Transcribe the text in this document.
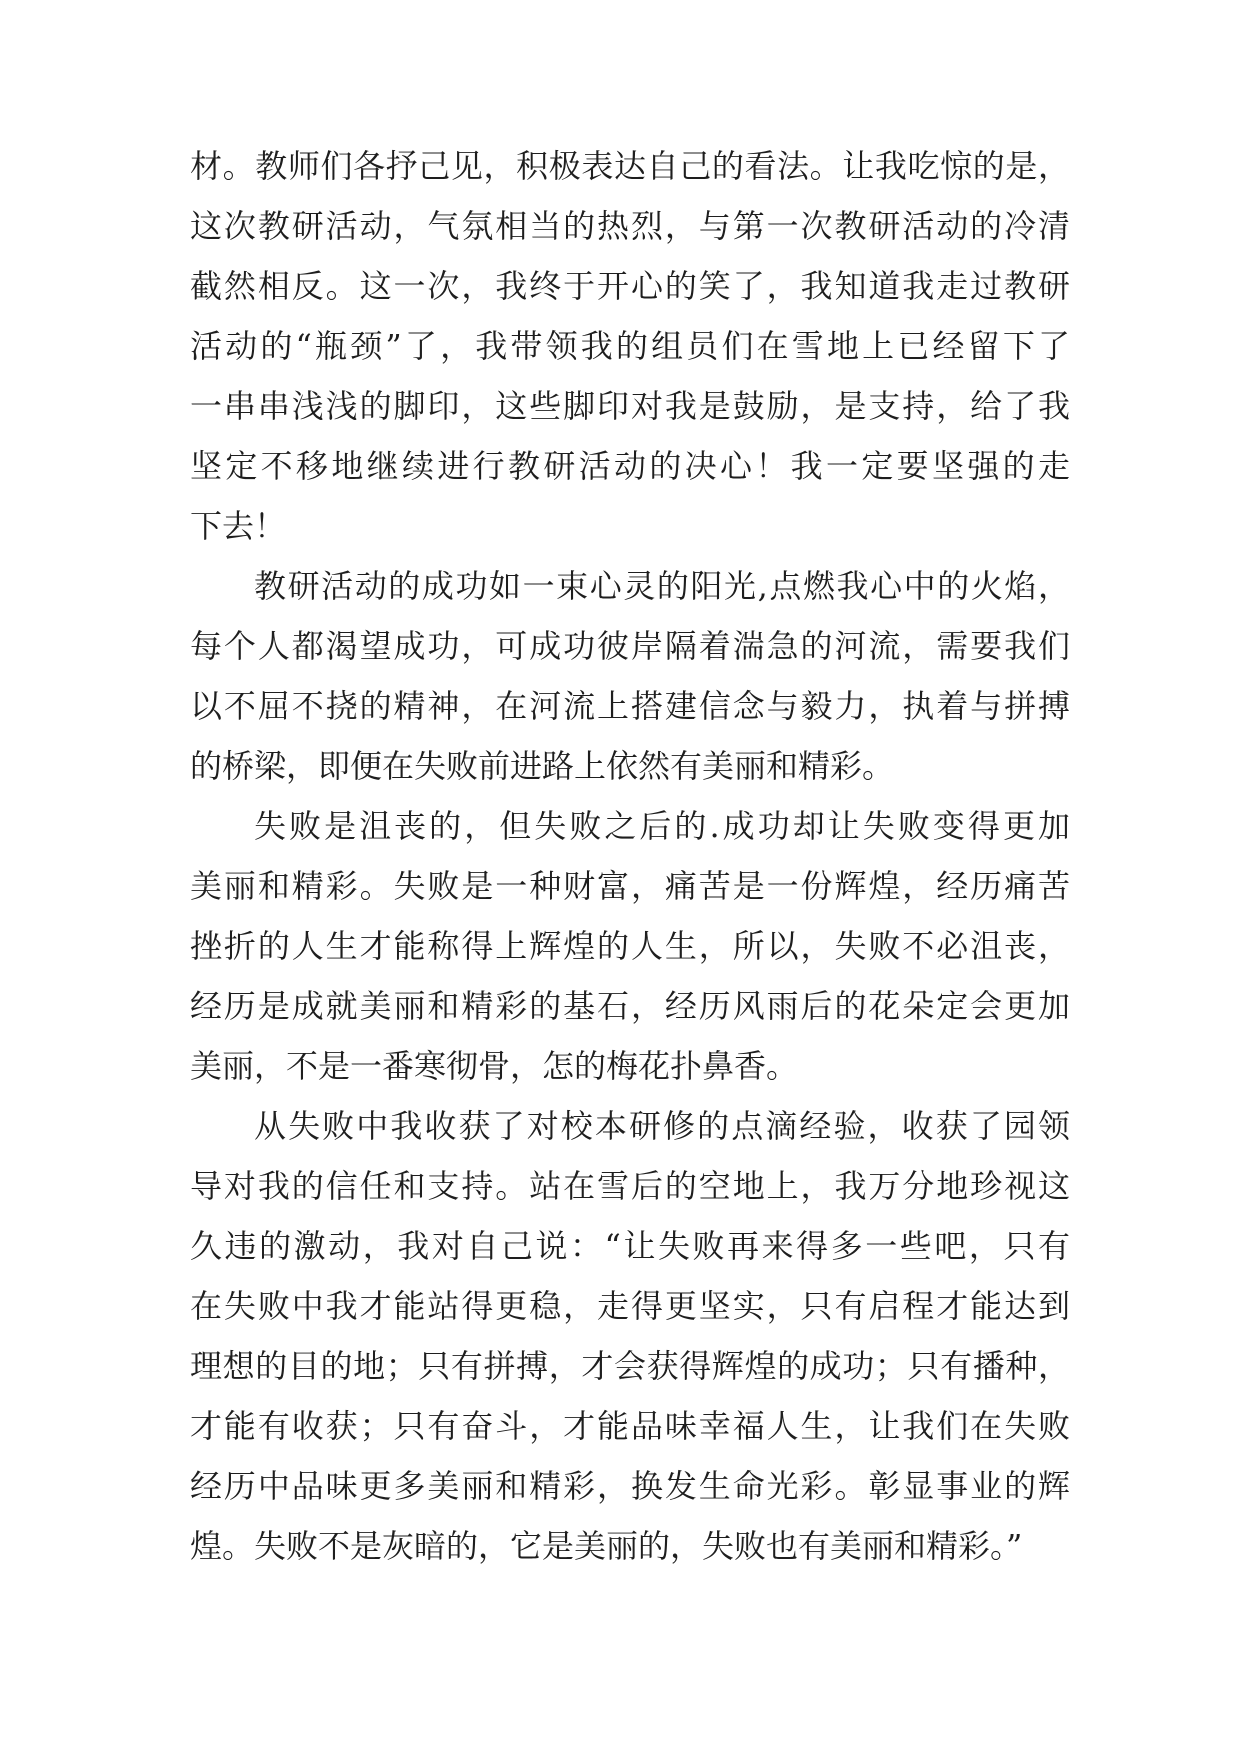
材。教师们各抒己见，积极表达自己的看法。让我吃惊的是，

这次教研活动，气氛相当的热烈，与第一次教研活动的冷清

截然相反。这一次，我终于开心的笑了，我知道我走过教研

活动的“瓶颈”了，我带领我的组员们在雪地上已经留下了

一串串浅浅的脚印，这些脚印对我是鼓励，是支持，给了我

坚定不移地继续进行教研活动的决心！我一定要坚强的走

下去！

教研活动的成功如一束心灵的阳光,点燃我心中的火焰，

每个人都渴望成功，可成功彼岸隔着湍急的河流，需要我们

以不屈不挠的精神，在河流上搭建信念与毅力，执着与拼搏

的桥梁，即便在失败前进路上依然有美丽和精彩。

失败是沮丧的，但失败之后的.成功却让失败变得更加

美丽和精彩。失败是一种财富，痛苦是一份辉煌，经历痛苦

挫折的人生才能称得上辉煌的人生，所以，失败不必沮丧，

经历是成就美丽和精彩的基石，经历风雨后的花朵定会更加

美丽，不是一番寒彻骨，怎的梅花扑鼻香。

从失败中我收获了对校本研修的点滴经验，收获了园领

导对我的信任和支持。站在雪后的空地上，我万分地珍视这

久违的激动，我对自己说：“让失败再来得多一些吧，只有

在失败中我才能站得更稳，走得更坚实，只有启程才能达到

理想的目的地；只有拼搏，才会获得辉煌的成功；只有播种，

才能有收获；只有奋斗，才能品味幸福人生，让我们在失败

经历中品味更多美丽和精彩，换发生命光彩。彰显事业的辉

煌。失败不是灰暗的，它是美丽的，失败也有美丽和精彩。”
